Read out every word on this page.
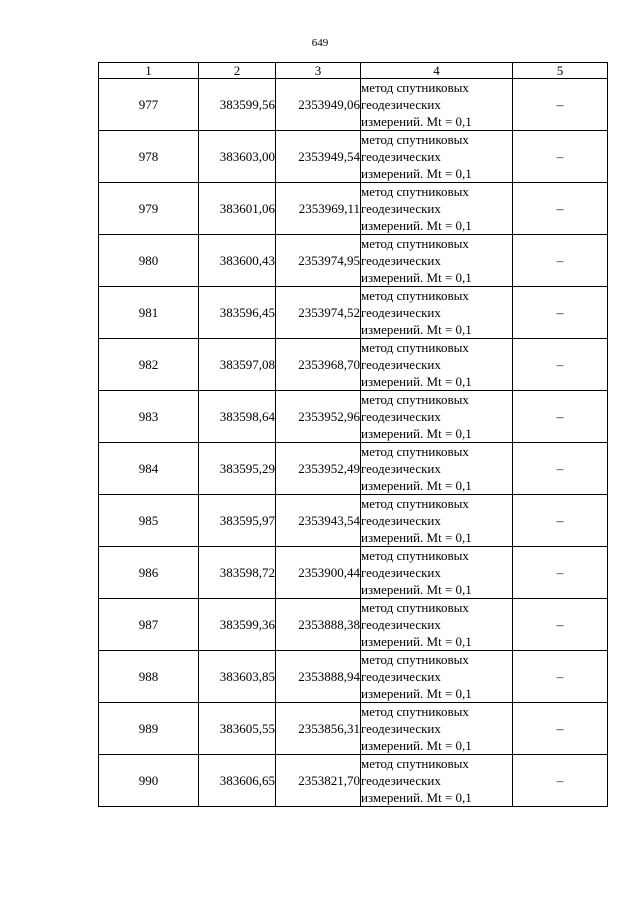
649
1	2	3	4	5
977	383599,56	2353949,06	метод спутниковых
геодезических
измерений. Mt = 0,1	–
978	383603,00	2353949,54	метод спутниковых
геодезических
измерений. Mt = 0,1	–
979	383601,06	2353969,11	метод спутниковых
геодезических
измерений. Mt = 0,1	–
980	383600,43	2353974,95	метод спутниковых
геодезических
измерений. Mt = 0,1	–
981	383596,45	2353974,52	метод спутниковых
геодезических
измерений. Mt = 0,1	–
982	383597,08	2353968,70	метод спутниковых
геодезических
измерений. Mt = 0,1	–
983	383598,64	2353952,96	метод спутниковых
геодезических
измерений. Mt = 0,1	–
984	383595,29	2353952,49	метод спутниковых
геодезических
измерений. Mt = 0,1	–
985	383595,97	2353943,54	метод спутниковых
геодезических
измерений. Mt = 0,1	–
986	383598,72	2353900,44	метод спутниковых
геодезических
измерений. Mt = 0,1	–
987	383599,36	2353888,38	метод спутниковых
геодезических
измерений. Mt = 0,1	–
988	383603,85	2353888,94	метод спутниковых
геодезических
измерений. Mt = 0,1	–
989	383605,55	2353856,31	метод спутниковых
геодезических
измерений. Mt = 0,1	–
990	383606,65	2353821,70	метод спутниковых
геодезических
измерений. Mt = 0,1	–
